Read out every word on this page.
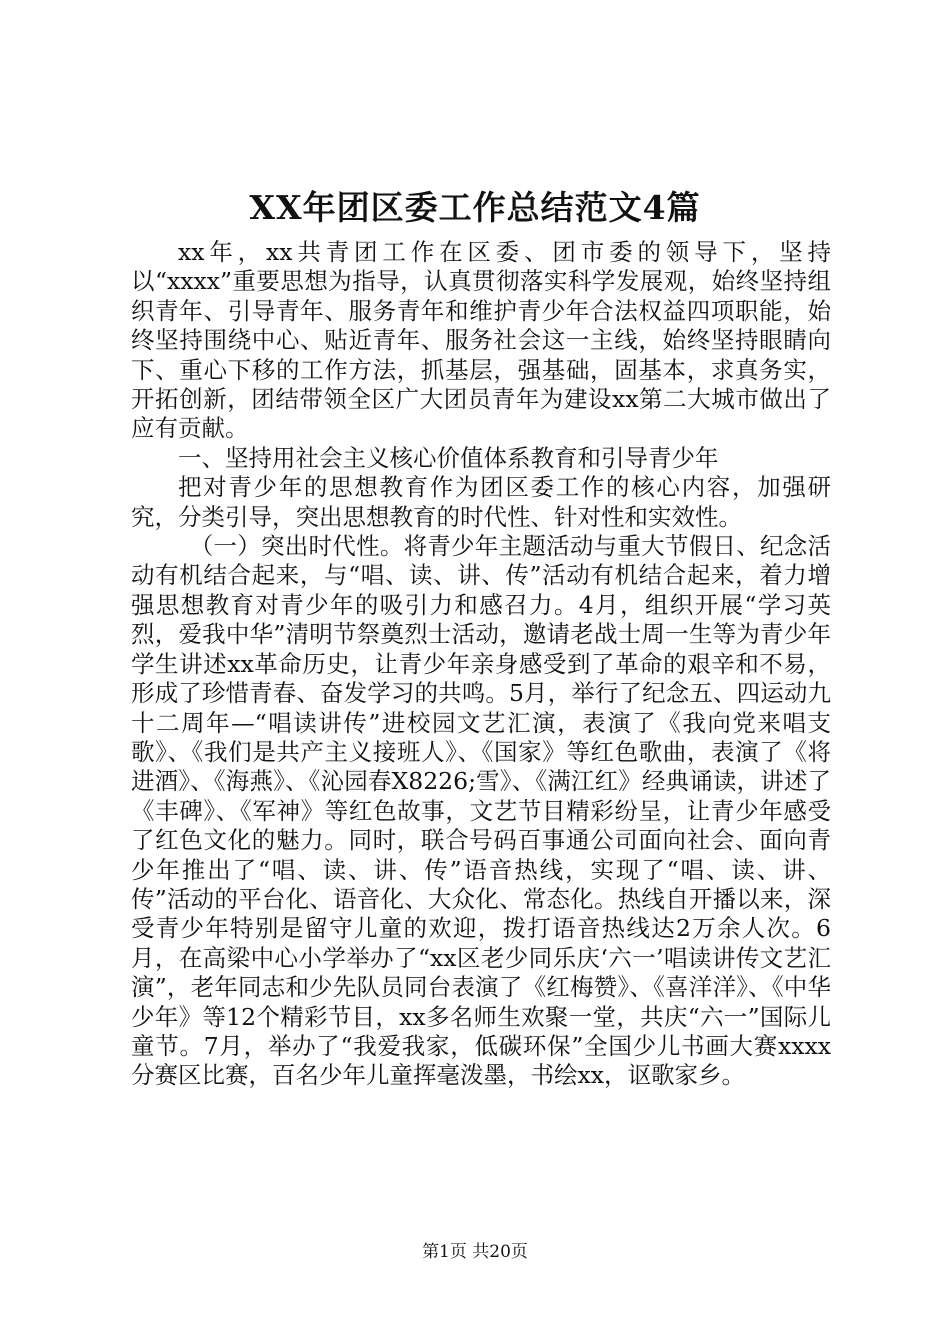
XX年团区委工作总结范文4篇

xx年，xx共青团工作在区委、团市委的领导下，坚持以“xxxx”重要思想为指导，认真贯彻落实科学发展观，始终坚持组织青年、引导青年、服务青年和维护青少年合法权益四项职能，始终坚持围绕中心、贴近青年、服务社会这一主线，始终坚持眼睛向下、重心下移的工作方法，抓基层，强基础，固基本，求真务实，开拓创新，团结带领全区广大团员青年为建设xx第二大城市做出了应有贡献。

一、坚持用社会主义核心价值体系教育和引导青少年

把对青少年的思想教育作为团区委工作的核心内容，加强研究，分类引导，突出思想教育的时代性、针对性和实效性。

（一）突出时代性。将青少年主题活动与重大节假日、纪念活动有机结合起来，与“唱、读、讲、传”活动有机结合起来，着力增强思想教育对青少年的吸引力和感召力。4月，组织开展“学习英烈，爱我中华”清明节祭奠烈士活动，邀请老战士周一生等为青少年学生讲述xx革命历史，让青少年亲身感受到了革命的艰辛和不易，形成了珍惜青春、奋发学习的共鸣。5月，举行了纪念五、四运动九十二周年—“唱读讲传”进校园文艺汇演，表演了《我向党来唱支歌》、《我们是共产主义接班人》、《国家》等红色歌曲，表演了《将进酒》、《海燕》、《沁园春X8226;雪》、《满江红》经典诵读，讲述了《丰碑》、《军神》等红色故事，文艺节目精彩纷呈，让青少年感受了红色文化的魅力。同时，联合号码百事通公司面向社会、面向青少年推出了“唱、读、讲、传”语音热线，实现了“唱、读、讲、传”活动的平台化、语音化、大众化、常态化。热线自开播以来，深受青少年特别是留守儿童的欢迎，拨打语音热线达2万余人次。6月，在高梁中心小学举办了“xx区老少同乐庆‘六一’唱读讲传文艺汇演”，老年同志和少先队员同台表演了《红梅赞》、《喜洋洋》、《中华少年》等12个精彩节目，xx多名师生欢聚一堂，共庆“六一”国际儿童节。7月，举办了“我爱我家，低碳环保”全国少儿书画大赛xxxx分赛区比赛，百名少年儿童挥毫泼墨，书绘xx，讴歌家乡。

第1页 共20页
